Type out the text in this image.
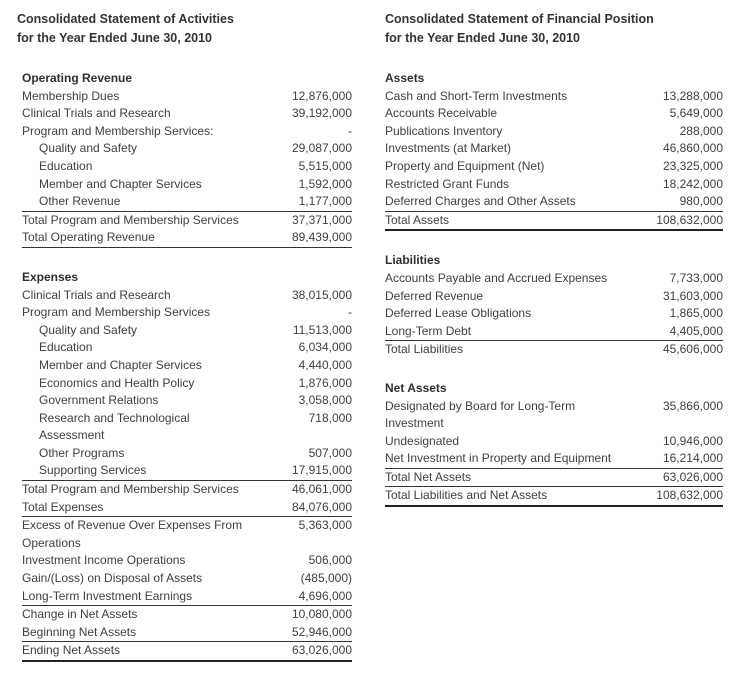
Consolidated Statement of Activities
for the Year Ended June 30, 2010
Operating Revenue	
Membership Dues	12,876,000
Clinical Trials and Research	39,192,000
Program and Membership Services:	-
Quality and Safety	29,087,000
Education	5,515,000
Member and Chapter Services	1,592,000
Other Revenue	1,177,000
Total Program and Membership Services	37,371,000
Total Operating Revenue	89,439,000

Expenses	
Clinical Trials and Research	38,015,000
Program and Membership Services	-
Quality and Safety	11,513,000
Education	6,034,000
Member and Chapter Services	4,440,000
Economics and Health Policy	1,876,000
Government Relations	3,058,000
Research and Technological Assessment	718,000
Other Programs	507,000
Supporting Services	17,915,000
Total Program and Membership Services	46,061,000
Total Expenses	84,076,000
Excess of Revenue Over Expenses From Operations	5,363,000
Investment Income Operations	506,000
Gain/(Loss) on Disposal of Assets	(485,000)
Long-Term Investment Earnings	4,696,000
Change in Net Assets	10,080,000
Beginning Net Assets	52,946,000
Ending Net Assets	63,026,000
Consolidated Statement of Financial Position
for the Year Ended June 30, 2010
Assets	
Cash and Short-Term Investments	13,288,000
Accounts Receivable	5,649,000
Publications Inventory	288,000
Investments (at Market)	46,860,000
Property and Equipment (Net)	23,325,000
Restricted Grant Funds	18,242,000
Deferred Charges and Other Assets	980,000
Total Assets	108,632,000

Liabilities	
Accounts Payable and Accrued Expenses	7,733,000
Deferred Revenue	31,603,000
Deferred Lease Obligations	1,865,000
Long-Term Debt	4,405,000
Total Liabilities	45,606,000

Net Assets	
Designated by Board for Long-Term Investment	35,866,000
Undesignated	10,946,000
Net Investment in Property and Equipment	16,214,000
Total Net Assets	63,026,000
Total Liabilities and Net Assets	108,632,000
